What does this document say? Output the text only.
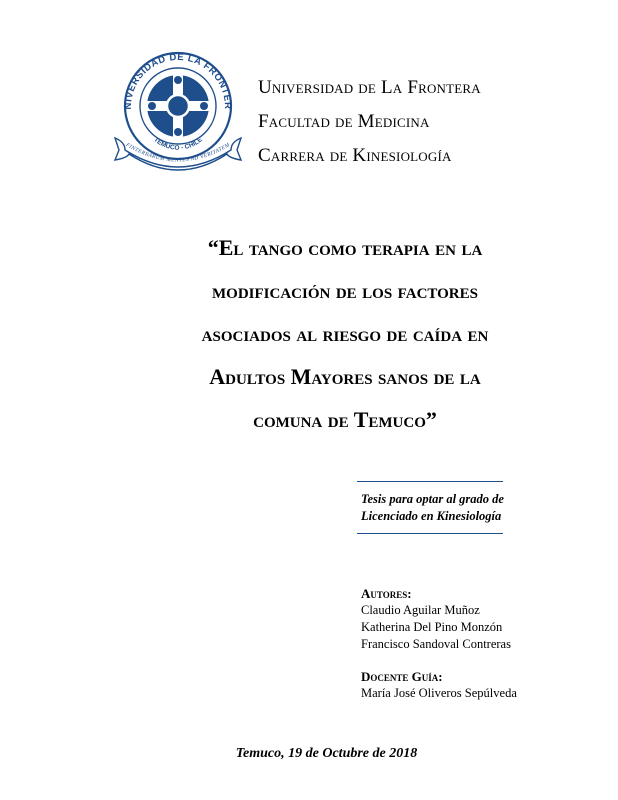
NIVERSIDAD DE LA FRONTER
TEMUCO - CHILE
FINTERRARUM MENTES AD VERITATEM
Universidad de La Frontera
Facultad de Medicina
Carrera de Kinesiología
“El tango como terapia en la
modificación de los factores
asociados al riesgo de caída en
Adultos Mayores sanos de la
comuna de Temuco”
Tesis para optar al grado de
Licenciado en Kinesiología
Autores:
Claudio Aguilar Muñoz
Katherina Del Pino Monzón
Francisco Sandoval Contreras
Docente Guía:
María José Oliveros Sepúlveda
Temuco, 19 de Octubre de 2018
